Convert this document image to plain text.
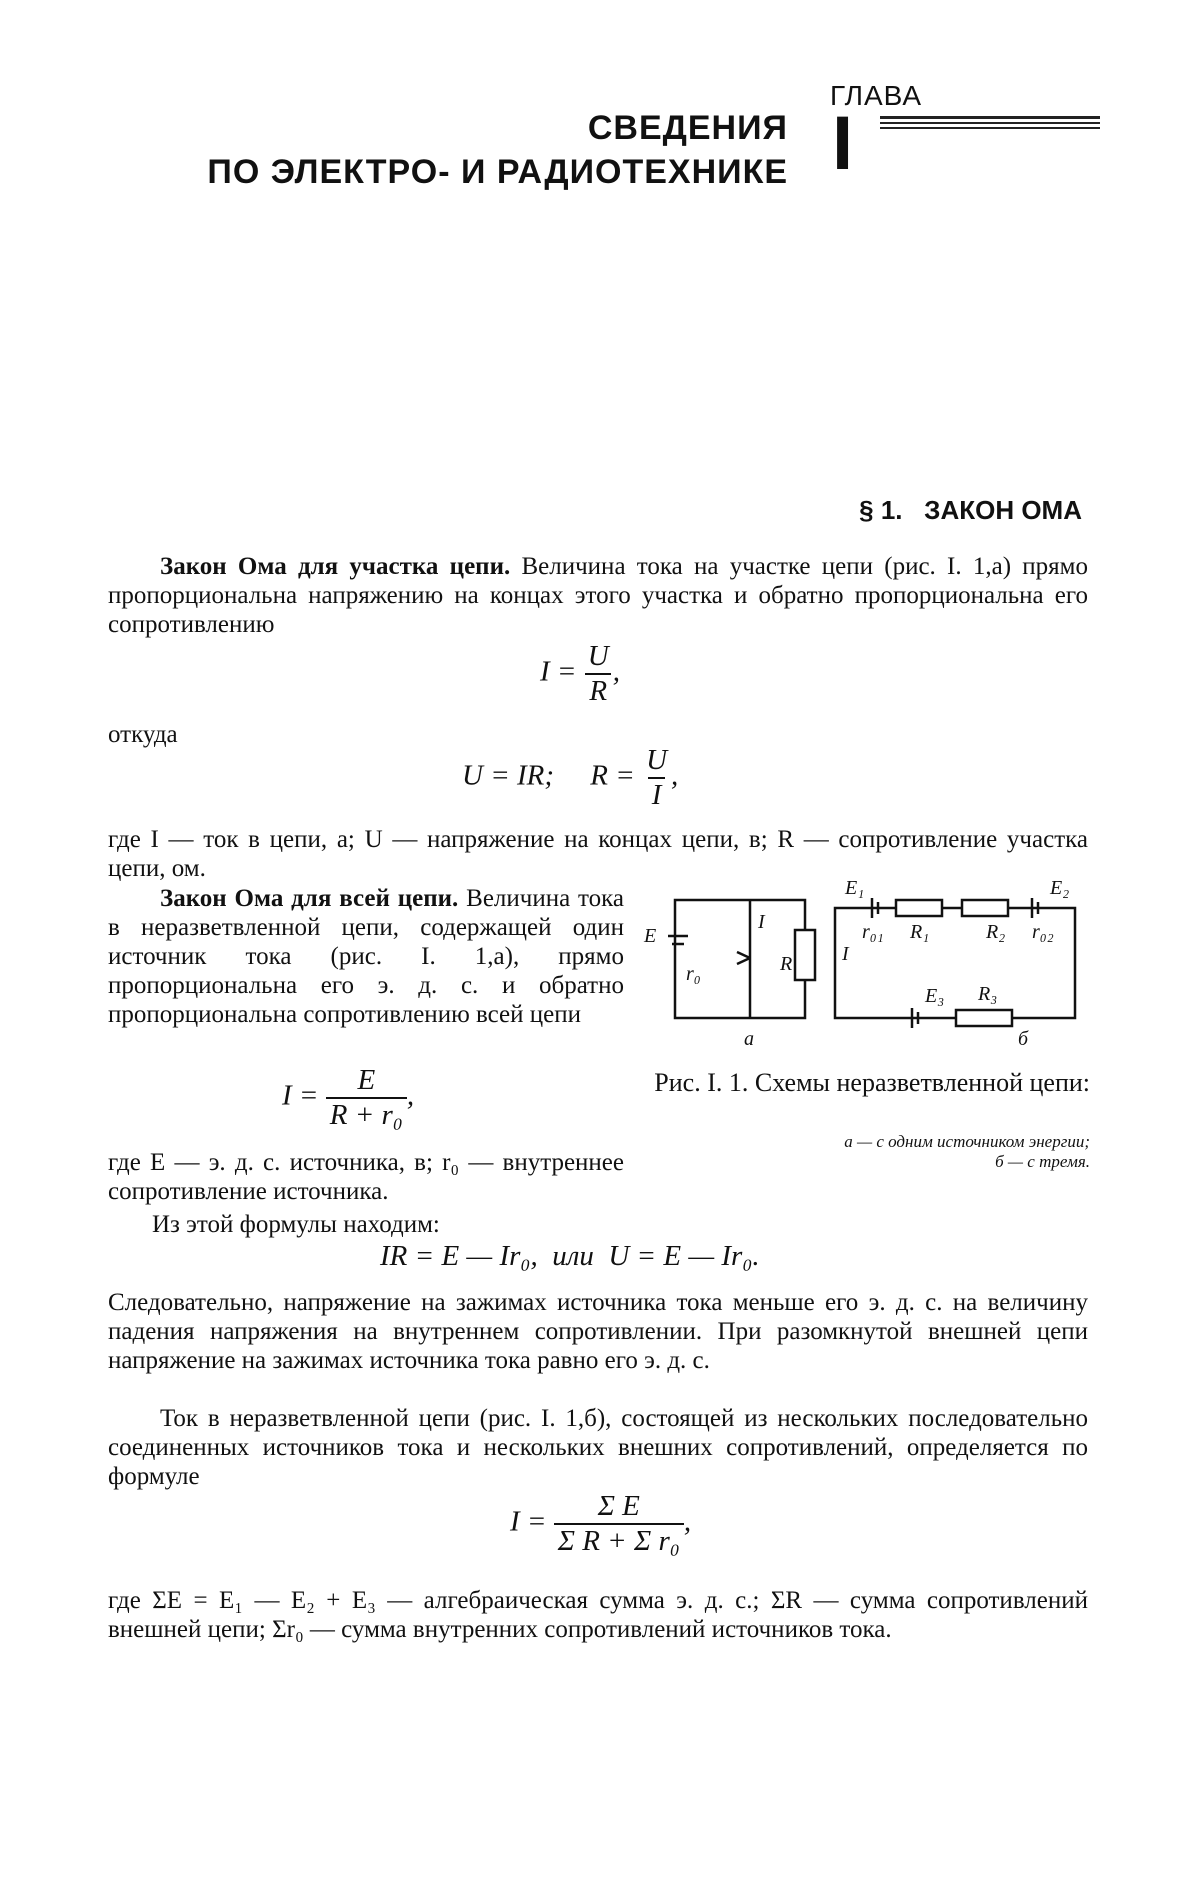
ГЛАВА
I
СВЕДЕНИЯ
ПО ЭЛЕКТРО- И РАДИОТЕХНИКЕ
§ 1.   ЗАКОН ОМА
Закон Ома для участка цепи. Величина тока на участке цепи (рис. I. 1,а) прямо пропорциональна напряжению на концах этого участка и обратно пропорциональна его сопротивлению
$I = \frac{U}{R}$ ,
откуда
U = IR; $R = \frac{U}{I}$ ,
где I — ток в цепи, а; U — напряжение на концах цепи, в; R — сопротивление участка цепи, ом.
Закон Ома для всей цепи. Величина тока в неразветвленной цепи, содержащей один источник тока (рис. I. 1,а), прямо пропорциональна его э. д. с. и обратно пропорциональна сопротивлению всей цепи
E
r₀	R
I
а
I
E₁	E₂
E₃
r₀₁ R₁	R₂ r₀₂
R₃
б
Рис. I. 1. Схемы неразветвленной цепи:
а — с одним источником энергии;
б — с тремя.
$I = \frac{E}{\text{R + r₀}}$ ,
где E — э. д. с. источника, в; r₀ — внутреннее сопротивление источника.
Из этой формулы находим:
IR = E — Ir₀,  или  U = E — Ir₀.
Следовательно, напряжение на зажимах источника тока меньше его э. д. с. на величину падения напряжения на внутреннем сопротивлении. При разомкнутой внешней цепи напряжение на зажимах источника тока равно его э. д. с.
Ток в неразветвленной цепи (рис. I. 1,б), состоящей из нескольких последовательно соединенных источников тока и нескольких внешних сопротивлений, определяется по формуле
$I = \frac{\text{Σ E}}{\text{Σ R + Σ r₀}}$ ,
где ΣE = E₁ — E₂ + E₃ — алгебраическая сумма э. д. с.; ΣR — сумма сопротивлений внешней цепи; Σr₀ — сумма внутренних сопротивлений источников тока.
